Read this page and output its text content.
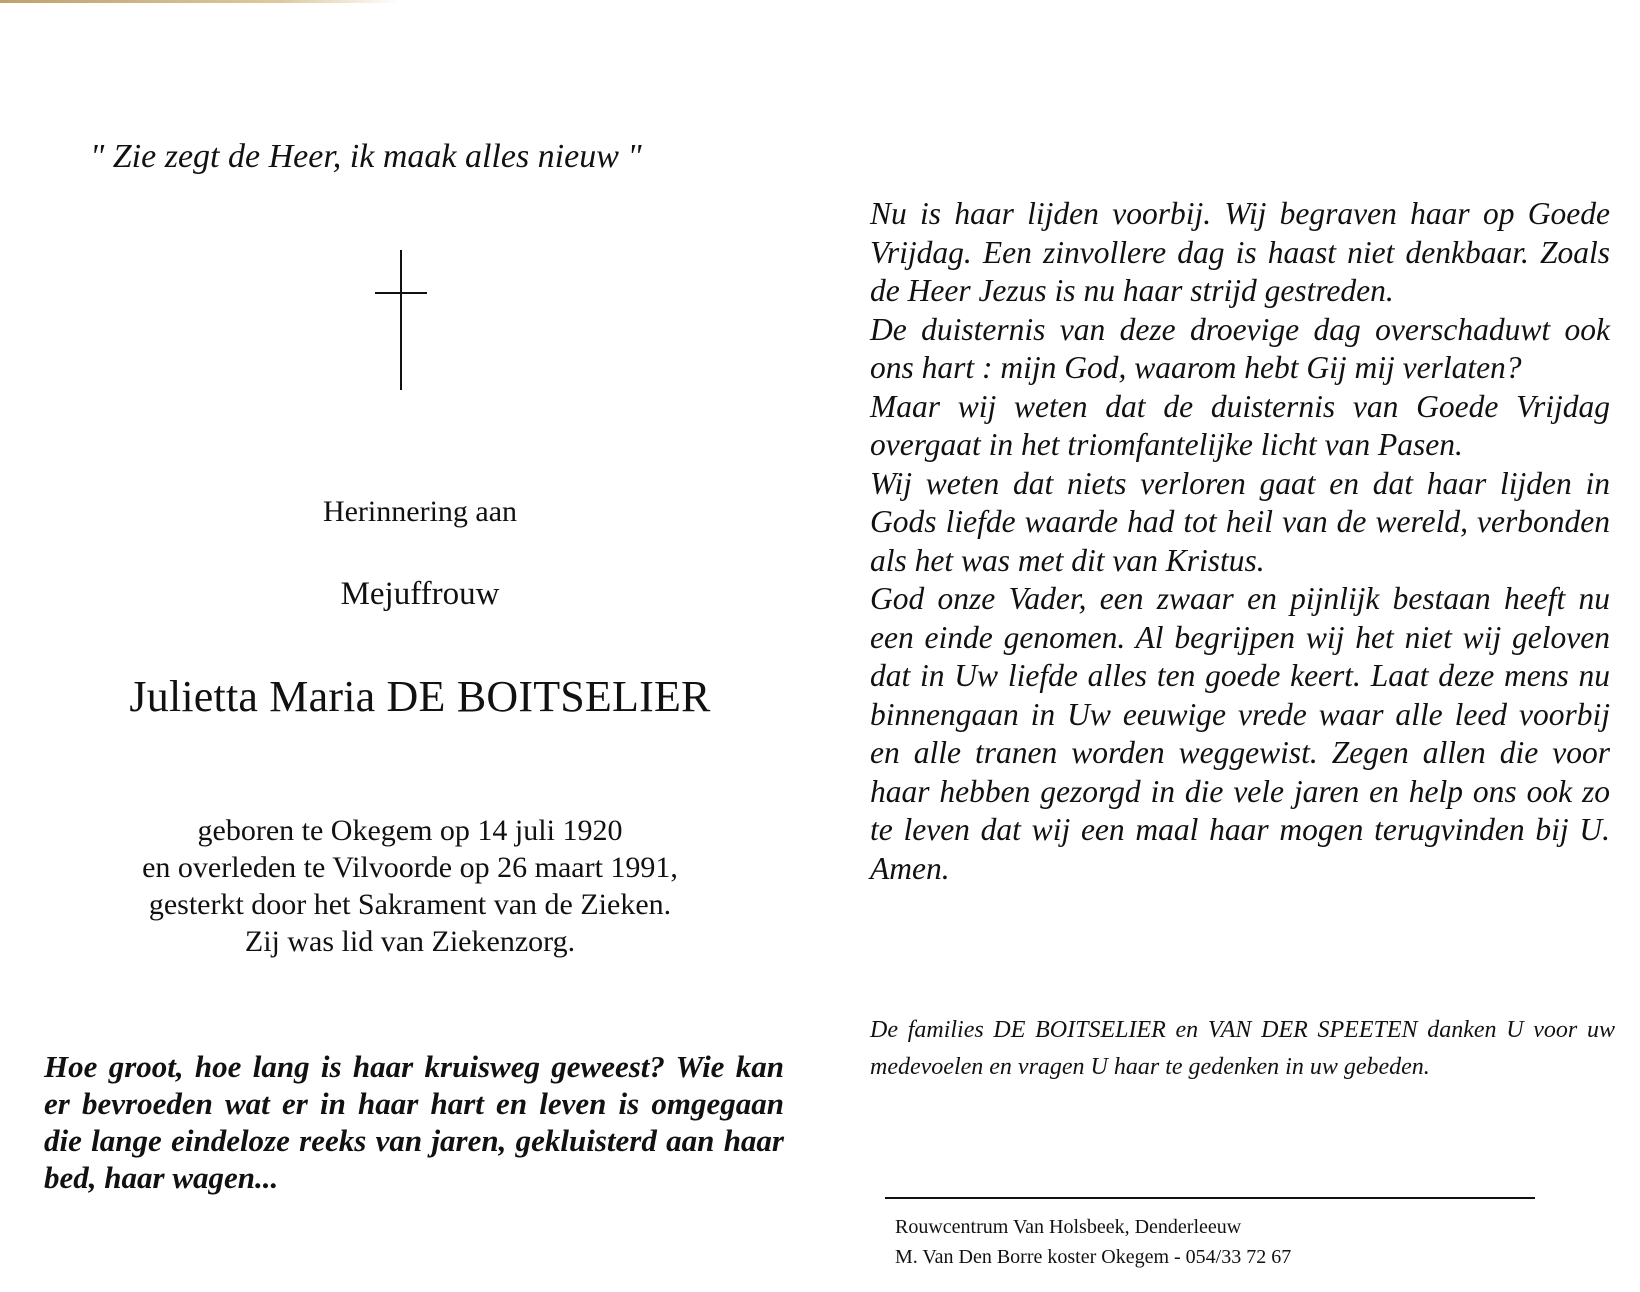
" Zie zegt de Heer, ik maak alles nieuw "
Herinnering aan
Mejuffrouw
Julietta Maria DE BOITSELIER
geboren te Okegem op 14 juli 1920
en overleden te Vilvoorde op 26 maart 1991,
gesterkt door het Sakrament van de Zieken.
Zij was lid van Ziekenzorg.
Hoe groot, hoe lang is haar kruisweg geweest? Wie kan er bevroeden wat er in haar hart en leven is omgegaan die lange eindeloze reeks van jaren, gekluisterd aan haar bed, haar wagen...
Nu is haar lijden voorbij. Wij begraven haar op Goede Vrijdag. Een zinvollere dag is haast niet denkbaar. Zoals de Heer Jezus is nu haar strijd gestreden.
De duisternis van deze droevige dag overschaduwt ook ons hart : mijn God, waarom hebt Gij mij verlaten?
Maar wij weten dat de duisternis van Goede Vrijdag overgaat in het triomfantelijke licht van Pasen.
Wij weten dat niets verloren gaat en dat haar lijden in Gods liefde waarde had tot heil van de wereld, verbonden als het was met dit van Kristus.
God onze Vader, een zwaar en pijnlijk bestaan heeft nu een einde genomen. Al begrijpen wij het niet wij geloven dat in Uw liefde alles ten goede keert. Laat deze mens nu binnengaan in Uw eeuwige vrede waar alle leed voorbij en alle tranen worden weggewist. Zegen allen die voor haar hebben gezorgd in die vele jaren en help ons ook zo te leven dat wij een maal haar mogen terugvinden bij U. Amen.
De families DE BOITSELIER en VAN DER SPEETEN danken U voor uw medevoelen en vragen U haar te gedenken in uw gebeden.
Rouwcentrum Van Holsbeek, Denderleeuw
M. Van Den Borre koster Okegem - 054/33 72 67
